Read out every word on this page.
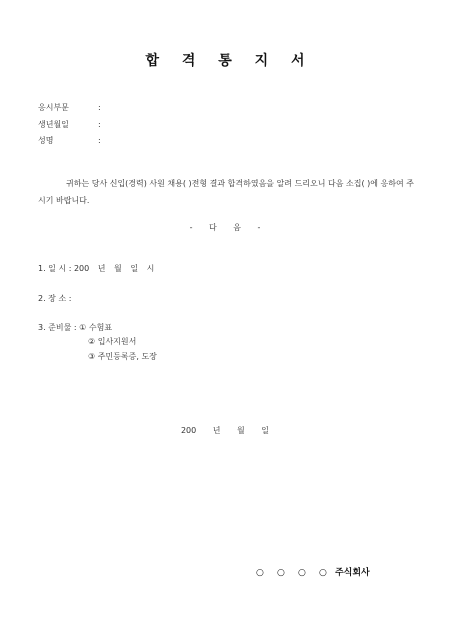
합 격 통 지 서
응시부문	:
생년월일	:
성명	:
귀하는 당사 신입(경력) 사원 채용( )전형 결과 합격하였음을 알려 드리오니 다음 소집( )에 응하여 주시기 바랍니다.
- 다 음 -
1. 일 시 : 200 년 월 일 시
2. 장 소 :
3. 준비물 : ① 수험표
② 입사지원서
③ 주민등록증, 도장
200 년 월 일
○ ○ ○ ○ 주식회사
